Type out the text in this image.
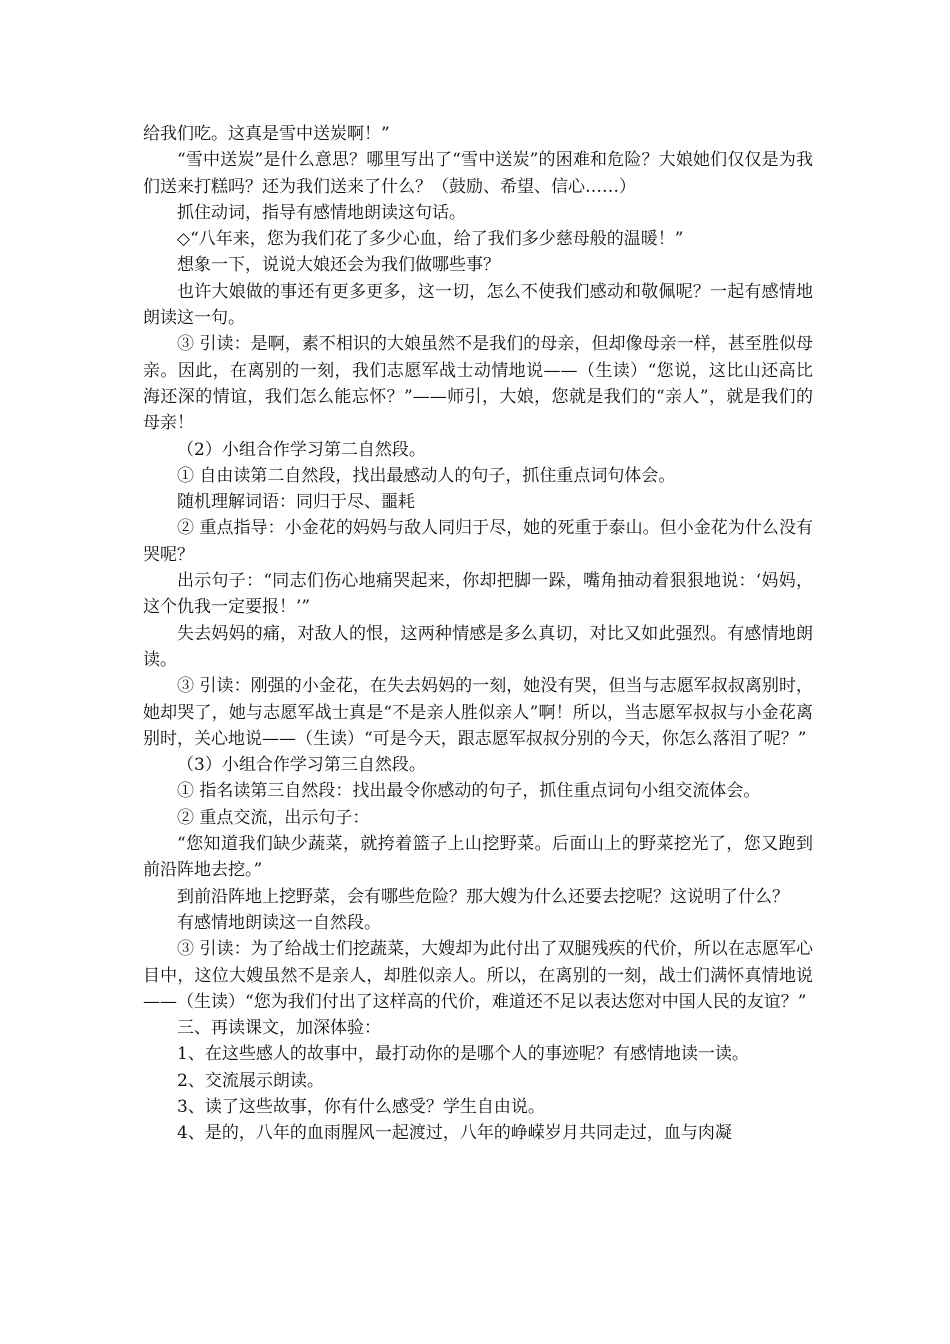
给我们吃。这真是雪中送炭啊！”

“雪中送炭”是什么意思？哪里写出了“雪中送炭”的困难和危险？大娘她们仅仅是为我们送来打糕吗？还为我们送来了什么？（鼓励、希望、信心……）

抓住动词，指导有感情地朗读这句话。

◇“八年来，您为我们花了多少心血，给了我们多少慈母般的温暖！”

想象一下，说说大娘还会为我们做哪些事？

也许大娘做的事还有更多更多，这一切，怎么不使我们感动和敬佩呢？一起有感情地朗读这一句。

③ 引读：是啊，素不相识的大娘虽然不是我们的母亲，但却像母亲一样，甚至胜似母亲。因此，在离别的一刻，我们志愿军战士动情地说——（生读）“您说，这比山还高比海还深的情谊，我们怎么能忘怀？”——师引，大娘，您就是我们的“亲人”，就是我们的母亲！

（2）小组合作学习第二自然段。

① 自由读第二自然段，找出最感动人的句子，抓住重点词句体会。

随机理解词语：同归于尽、噩耗

② 重点指导：小金花的妈妈与敌人同归于尽，她的死重于泰山。但小金花为什么没有哭呢？

出示句子：“同志们伤心地痛哭起来，你却把脚一跺，嘴角抽动着狠狠地说：‘妈妈，这个仇我一定要报！’”

失去妈妈的痛，对敌人的恨，这两种情感是多么真切，对比又如此强烈。有感情地朗读。

③ 引读：刚强的小金花，在失去妈妈的一刻，她没有哭，但当与志愿军叔叔离别时，她却哭了，她与志愿军战士真是“不是亲人胜似亲人”啊！所以，当志愿军叔叔与小金花离别时，关心地说——（生读）“可是今天，跟志愿军叔叔分别的今天，你怎么落泪了呢？”

（3）小组合作学习第三自然段。

① 指名读第三自然段：找出最令你感动的句子，抓住重点词句小组交流体会。

② 重点交流，出示句子：

“您知道我们缺少蔬菜，就挎着篮子上山挖野菜。后面山上的野菜挖光了，您又跑到前沿阵地去挖。”

到前沿阵地上挖野菜，会有哪些危险？那大嫂为什么还要去挖呢？这说明了什么？

有感情地朗读这一自然段。

③ 引读：为了给战士们挖蔬菜，大嫂却为此付出了双腿残疾的代价，所以在志愿军心目中，这位大嫂虽然不是亲人，却胜似亲人。所以，在离别的一刻，战士们满怀真情地说——（生读）“您为我们付出了这样高的代价，难道还不足以表达您对中国人民的友谊？”

三、再读课文，加深体验：

1、在这些感人的故事中，最打动你的是哪个人的事迹呢？有感情地读一读。

2、交流展示朗读。

3、读了这些故事，你有什么感受？学生自由说。

4、是的，八年的血雨腥风一起渡过，八年的峥嵘岁月共同走过，血与肉凝
